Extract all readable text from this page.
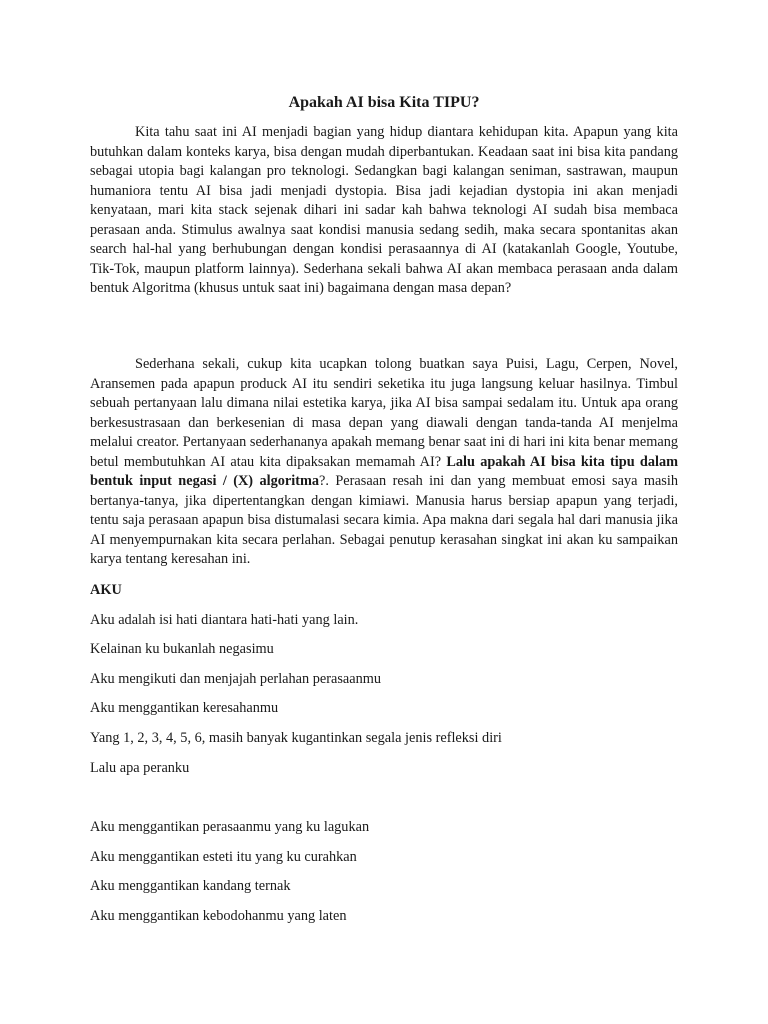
Apakah AI bisa Kita TIPU?

Kita tahu saat ini AI menjadi bagian yang hidup diantara kehidupan kita. Apapun yang kita butuhkan dalam konteks karya, bisa dengan mudah diperbantukan. Keadaan saat ini bisa kita pandang sebagai utopia bagi kalangan pro teknologi. Sedangkan bagi kalangan seniman, sastrawan, maupun humaniora tentu AI bisa jadi menjadi dystopia. Bisa jadi kejadian dystopia ini akan menjadi kenyataan, mari kita stack sejenak dihari ini sadar kah bahwa teknologi AI sudah bisa membaca perasaan anda. Stimulus awalnya saat kondisi manusia sedang sedih, maka secara spontanitas akan search hal-hal yang berhubungan dengan kondisi perasaannya di AI (katakanlah Google, Youtube, Tik-Tok, maupun platform lainnya). Sederhana sekali bahwa AI akan membaca perasaan anda dalam bentuk Algoritma (khusus untuk saat ini) bagaimana dengan masa depan?

Sederhana sekali, cukup kita ucapkan tolong buatkan saya Puisi, Lagu, Cerpen, Novel, Aransemen pada apapun produck AI itu sendiri seketika itu juga langsung keluar hasilnya. Timbul sebuah pertanyaan lalu dimana nilai estetika karya, jika AI bisa sampai sedalam itu. Untuk apa orang berkesustrasaan dan berkesenian di masa depan yang diawali dengan tanda-tanda AI menjelma melalui creator. Pertanyaan sederhananya apakah memang benar saat ini di hari ini kita benar memang betul membutuhkan AI atau kita dipaksakan memamah AI? Lalu apakah AI bisa kita tipu dalam bentuk input negasi / (X) algoritma?. Perasaan resah ini dan yang membuat emosi saya masih bertanya-tanya, jika dipertentangkan dengan kimiawi. Manusia harus bersiap apapun yang terjadi, tentu saja perasaan apapun bisa distumalasi secara kimia. Apa makna dari segala hal dari manusia jika AI menyempurnakan kita secara perlahan. Sebagai penutup kerasahan singkat ini akan ku sampaikan karya tentang keresahan ini.

AKU
Aku adalah isi hati diantara hati-hati yang lain.
Kelainan ku bukanlah negasimu
Aku mengikuti dan menjajah perlahan perasaanmu
Aku menggantikan keresahanmu
Yang 1, 2, 3, 4, 5, 6, masih banyak kugantinkan segala jenis refleksi diri
Lalu apa peranku
Aku menggantikan perasaanmu yang ku lagukan
Aku menggantikan esteti itu yang ku curahkan
Aku menggantikan kandang ternak
Aku menggantikan kebodohanmu yang laten
